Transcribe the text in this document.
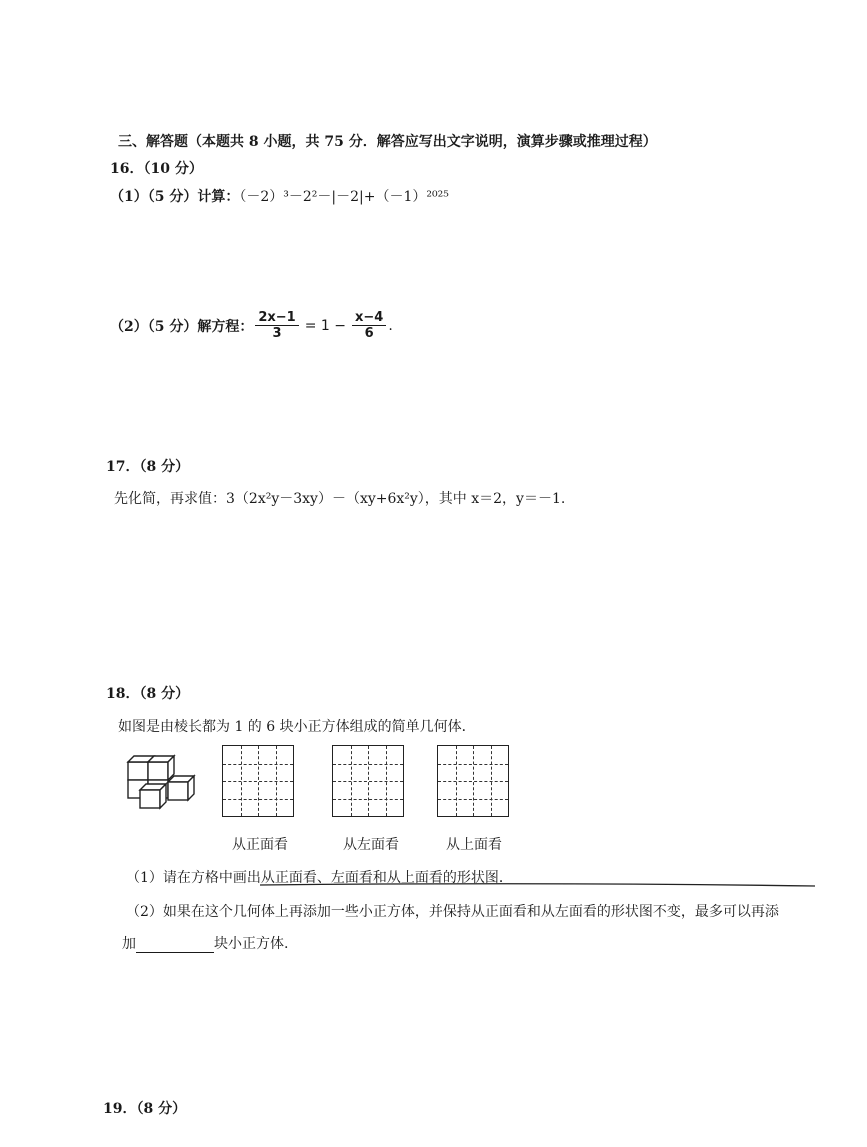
三、解答题（本题共 8 小题，共 75 分．解答应写出文字说明，演算步骤或推理过程）
16．（10 分）
（1）（5 分）计算：（－2）³－2²－|－2|+（－1）²⁰²⁵
（2）（5 分）解方程： $\frac{2x-1}{3} = 1 - \frac{x-4}{6}$ .
17．（8 分）
先化简，再求值：3（2x²y－3xy）－（xy+6x²y），其中 x＝2，y＝－1.
18．（8 分）
如图是由棱长都为 1 的 6 块小正方体组成的简单几何体．
从正面看	从左面看	从上面看
（1）请在方格中画出从正面看、左面看和从上面看的形状图．
（2）如果在这个几何体上再添加一些小正方体，并保持从正面看和从左面看的形状图不变，最多可以再添
加	块小正方体.
19．（8 分）
